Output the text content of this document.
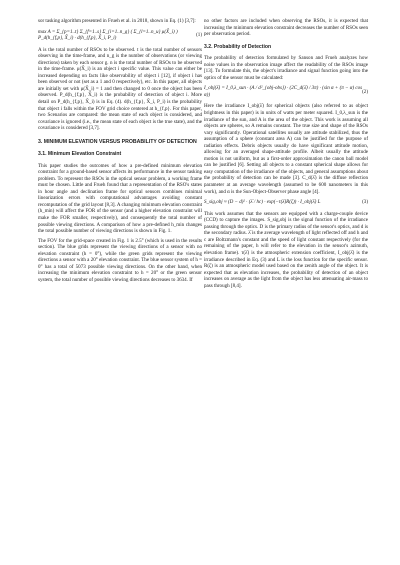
sor tasking algorithm presented in Frueh et al. in 2018, shown in Eq. (1) [3,7]:

max A = Σ_{p=1..t} Σ_{f=1..s} Σ_{i=1..n_g} ( Σ_{l=1..n_u} μ(X̃_i) )
P_d(h_{f,p}, X̃_i) · d(h_{f,p}, X̃_i, P_i)
(1)

A is the total number of RSOs to be observed. t is the total number of sensors observing in the time-frame, and n_g is the number of observations (or viewing directions) taken by each sensor g. n is the total number of RSOs to be observed in the time-frame. μ(X̃_i) is an object i specific value. This value can either be increased depending on facts like observability of object i [12], if object i has been observed or not (set as a 1 and 0 respectively), etc. In this paper, all objects are initially set with μ(X̃_i) = 1 and then changed to 0 once the object has been observed. P_d(h_{f,p}, X̃_i) is the probability of detection of object i. More detail on P_d(h_{f,p}, X̃_i) is in Eq. (4). d(h_{f,p}, X̃_i, P_i) is the probability that object i falls within the FOV grid choice centered at h_{f,p}. For this paper, two Scenarios are compared: the mean state of each object is considered, and covariance is ignored (i.e., the mean state of each object is the true state), and the covariance is considered [3,7].

3. MINIMUM ELEVATION VERSUS PROBABILITY OF DETECTION
3.1. Minimum Elevation Constraint

This paper studies the outcomes of how a pre-defined minimum elevation constraint for a ground-based sensor affects its performance in the sensor tasking problem. To represent the RSOs in the optical sensor problem, a working frame must be chosen. Little and Frueh found that a representation of the RSO's states in hour angle and declination frame for optical sensors combines minimal linearization errors with computational advantages avoiding constant recomputation of the grid layout [8,3]. A changing minimum elevation constraint (h_min) will affect the FOR of the sensor (and a higher elevation constraint will make the FOR smaller, respectively), and consequently the total number of possible viewing directions. A comparison of how a pre-defined h_min changes the total possible number of viewing directions is shown in Fig. 1.

The FOV for the grid-space created in Fig. 1 is 2.5° (which is used in the results section). The blue grids represent the viewing directions of a sensor with no elevation constraint (h = 0°), while the green grids represent the viewing directions a sensor with a 20° elevation constraint. The blue sensor system of h = 0° has a total of 5073 possible viewing directions. On the other hand, when increasing the minimum elevation constraint to h = 20° or the green sensor system, the total number of possible viewing directions decreases to 3634. If

no other factors are included when observing the RSOs, it is expected that increasing the minimum elevation constraint decreases the number of RSOs seen per observation period.

3.2. Probability of Detection

The probability of detection formulated by Sanson and Frueh analyzes how noise values in the observation image affect the readability of the RSOs image [13]. To formulate this, the object's irradiance and signal function going into the optics of the sensor must be calculated:

I_obj(λ̄) = I_0,λ_sun · (A / d²_{obj-obs}) · (2C_d(λ̄) / 3π) · (sin α + (π − α) cos α))
(2)

Here the irradiance I_obj(λ̄) for spherical objects (also referred to as object brightness in this paper) is in units of watts per meter squared. I_0,λ_sun is the irradiance of the sun, and A is the area of the object. This work is assuming all objects are spheres, so A remains constant. The true size and shape of the RSOs vary significantly. Operational satellites usually are attitude stabilized, thus the assumption of a sphere (constant area A) can be justified for the purpose of radiation effects. Debris objects usually do have significant attitude motion, allowing for an averaged shape-attitude profile. Albeit usually the attitude motion is not uniform, but as a first-order approximation the canon ball model can be justified [6]. Setting all objects to a constant spherical shape allows for easy computation of the irradiance of the objects, and general assumptions about the probability of detection can be made [3]. C_d(λ̄) is the diffuse reflection parameter at an average wavelength (assumed to be 600 nanometers in this work), and α is the Sun-Object-Observer phase angle [4].

S_sig,obj ≈ (D − d)² · (λ̄ / hc) · exp(−τ(λ̄)R(ζ)) · I_obj(λ̄) L	(3)

This work assumes that the sensors are equipped with a charge-couple device (CCD) to capture the images. S_sig,obj is the signal function of the irradiance passing through the optics. D is the primary radius of the sensor's optics, and d is the secondary radius. λ̄ is the average wavelength of light reflected off and h and c are Boltzmann's constant and the speed of light constant respectively (for the remaining of the paper, h will refer to the elevation in the sensor's azimuth, elevation frame). τ(λ̄) is the atmospheric extension coefficient, I_obj(λ̄) is the irradiance described in Eq. (3) and L is the loss function for the specific sensor. R(ζ) is an atmospheric model used based on the zenith angle of the object. It is expected that as elevation increases, the probability of detection of an object increases on average as the light from the object has less attenuating air-mass to pass through [8,4].
